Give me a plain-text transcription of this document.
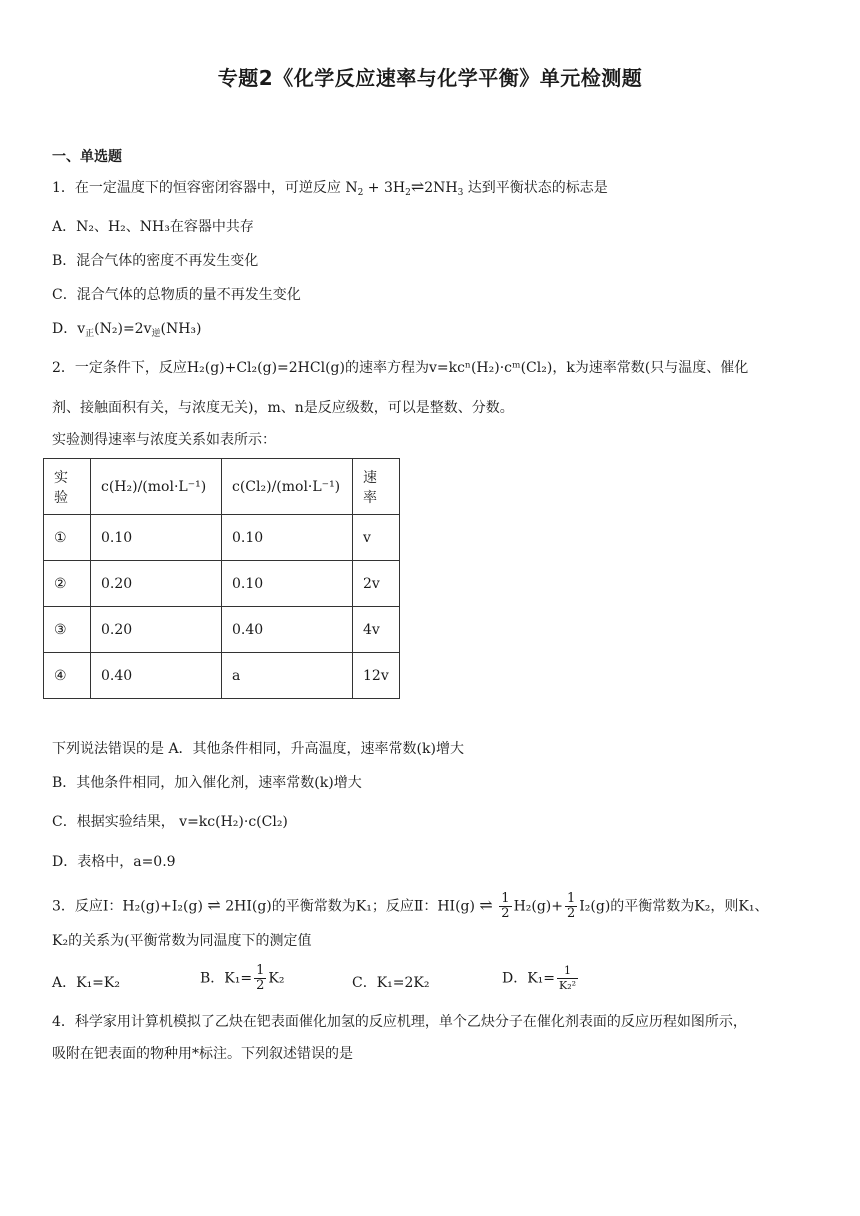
专题2《化学反应速率与化学平衡》单元检测题
一、单选题
1．在一定温度下的恒容密闭容器中，可逆反应 $N_2$ + $3H_2\rightleftharpoons 2NH_3$ 达到平衡状态的标志是
A．N₂、H₂、NH₃在容器中共存
B．混合气体的密度不再发生变化
C．混合气体的总物质的量不再发生变化
D．$v_正(N_2)=2v_逆(NH_3)$
2．一定条件下，反应H₂(g)+Cl₂(g)=2HCl(g)的速率方程为v=kcⁿ(H₂)·cᵐ(Cl₂)，k为速率常数(只与温度、催化
剂、接触面积有关，与浓度无关)，m、n是反应级数，可以是整数、分数。
实验测得速率与浓度关系如表所示：
实验	c(H₂)/(mol·L⁻¹)	c(Cl₂)/(mol·L⁻¹)	速率
①	0.10	0.10	v
②	0.20	0.10	2v
③	0.20	0.40	4v
④	0.40	a	12v
下列说法错误的是 A．其他条件相同，升高温度，速率常数(k)增大
B．其他条件相同，加入催化剂，速率常数(k)增大
C．根据实验结果， v=kc(H₂)·c(Cl₂)
D．表格中，a=0.9
3．反应Ⅰ：H₂(g)+I₂(g) ⇌ 2HI(g)的平衡常数为K₁；反应Ⅱ：HI(g) ⇌ $\frac{1}{2} H_2(g)+ \frac{1}{2} I_2(g)$的平衡常数为K₂，则K₁、
K₂的关系为(平衡常数为同温度下的测定值
A．K₁=K₂	B．$K_1= \frac{1}{2} K_2$	C．K₁=2K₂	D．$K_1= \frac{1}{\text{K₂²}}$
4．科学家用计算机模拟了乙炔在钯表面催化加氢的反应机理，单个乙炔分子在催化剂表面的反应历程如图所示，
吸附在钯表面的物种用*标注。下列叙述错误的是
